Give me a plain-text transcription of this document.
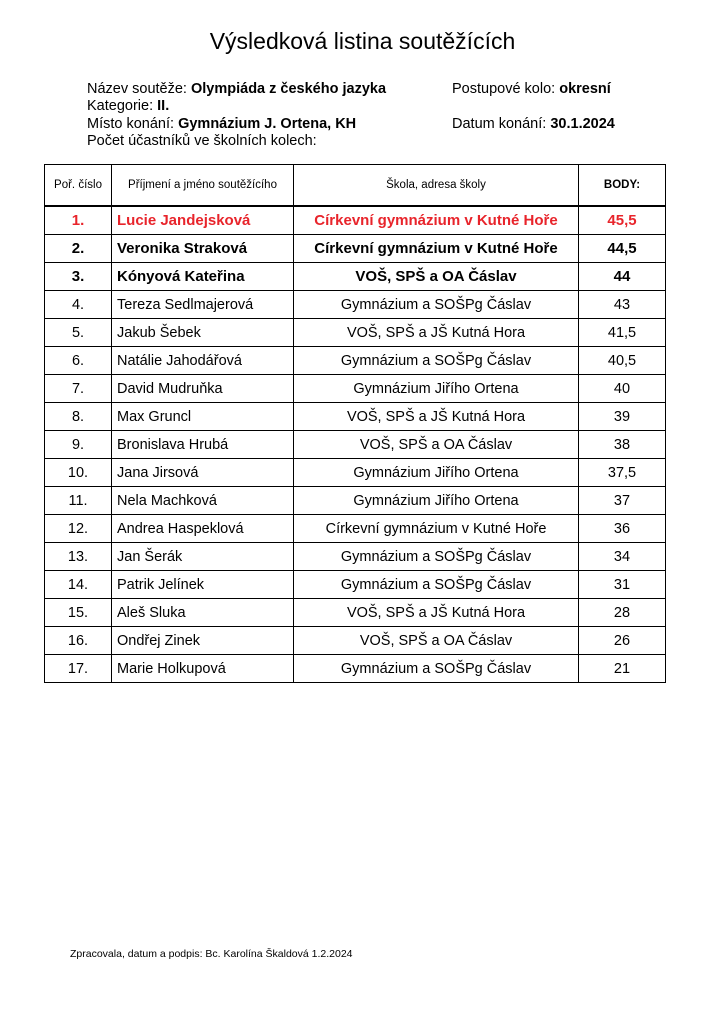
Výsledková listina soutěžících
Název soutěže: Olympiáda z českého jazyka	Postupové kolo: okresní
Kategorie: II.
Místo konání: Gymnázium J. Ortena, KH	Datum konání: 30.1.2024
Počet účastníků ve školních kolech:
Poř. číslo	Příjmení a jméno soutěžícího	Škola, adresa školy	BODY:
1.	Lucie Jandejsková	Církevní gymnázium v Kutné Hoře	45,5
2.	Veronika Straková	Církevní gymnázium v Kutné Hoře	44,5
3.	Kónyová Kateřina	VOŠ, SPŠ a OA Čáslav	44
4.	Tereza Sedlmajerová	Gymnázium a SOŠPg Čáslav	43
5.	Jakub Šebek	VOŠ, SPŠ a JŠ Kutná Hora	41,5
6.	Natálie Jahodářová	Gymnázium a SOŠPg Čáslav	40,5
7.	David Mudruňka	Gymnázium Jiřího Ortena	40
8.	Max Gruncl	VOŠ, SPŠ a JŠ Kutná Hora	39
9.	Bronislava Hrubá	VOŠ, SPŠ a OA Čáslav	38
10.	Jana Jirsová	Gymnázium Jiřího Ortena	37,5
11.	Nela Machková	Gymnázium Jiřího Ortena	37
12.	Andrea Haspeklová	Církevní gymnázium v Kutné Hoře	36
13.	Jan Šerák	Gymnázium a SOŠPg Čáslav	34
14.	Patrik Jelínek	Gymnázium a SOŠPg Čáslav	31
15.	Aleš Sluka	VOŠ, SPŠ a JŠ Kutná Hora	28
16.	Ondřej Zinek	VOŠ, SPŠ a OA Čáslav	26
17.	Marie Holkupová	Gymnázium a SOŠPg Čáslav	21
Zpracovala, datum a podpis: Bc. Karolína Škaldová 1.2.2024
